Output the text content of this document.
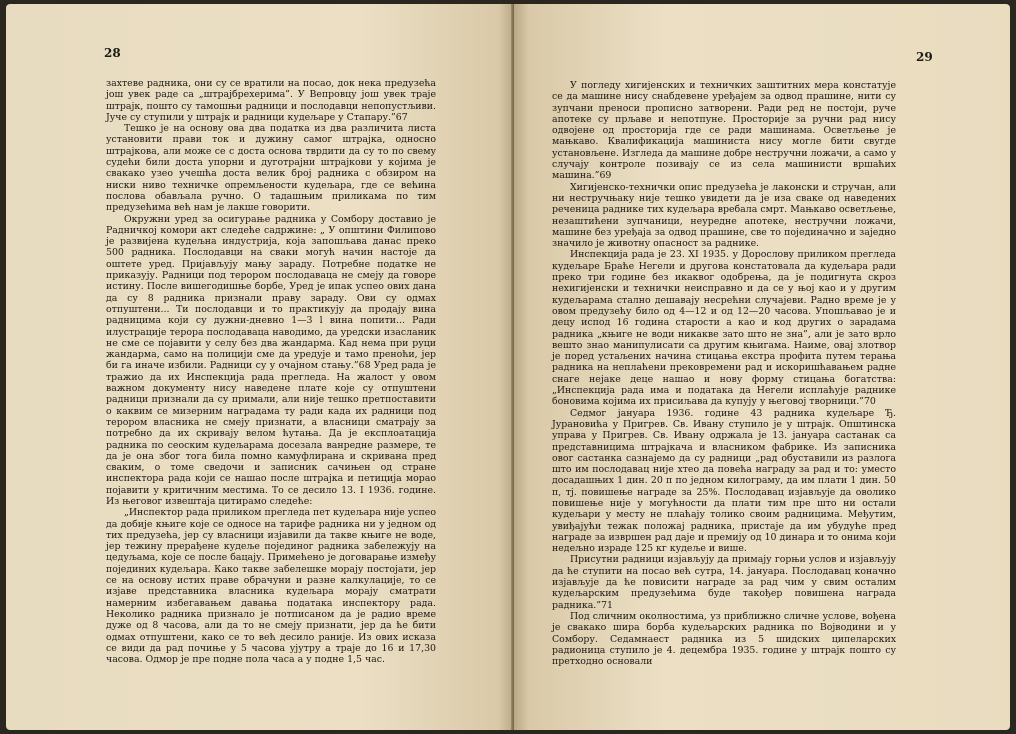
28

захтеве радника, они су се вратили на посао, док нека предузећа још увек раде са „штрајбрехерима”. У Вепровцу још увек траје штрајк, пошто су тамошњи радници и послодавци непопустљиви. Јуче су ступили у штрајк и радници кудељаре у Стапару.”67

Тешко је на основу ова два податка из два различита листа установити прави ток и дужину самог штрајка, односно штрајкова, али може се с доста основа тврдити да су то по свему судећи били доста упорни и дуготрајни штрајкови у којима је свакако узео учешћа доста велик број радника с обзиром на ниски ниво техничке опремљености кудељара, где се већина послова обављала ручно. О тадашњим приликама по тим предузећима већ нам је лакше говорити.

Окружни уред за осигурање радника у Сомбору доставио је Радничкој комори акт следеће садржине: „ У општини Филипово је развијена кудељна индустрија, која запошљава данас преко 500 радника. Послодавци на сваки могућ начин настоје да оштете уред. Пријављују мању зараду. Потребне податке не приказују. Радници под терором послодаваца не смеју да говоре истину. После вишегодишње борбе, Уред је ипак успео ових дана да су 8 радника признали праву зараду. Ови су одмах отпуштени... Ти послодавци и то практикују да продају вина радницима који су дужни-дневно 1—3 l вина попити... Ради илустрације терора послодаваца наводимо, да уредски изасланик не сме се појавити у селу без два жандарма. Кад нема при руци жандарма, само на полицији сме да уредује и тамо пренoћи, јер би га иначе избили. Радници су у очајном стању.”68 Уред рада је тражио да их Инспекција рада прегледа. На жалост у овом важном документу нису наведене плате које су отпуштени радници признали да су примали, али није тешко претпоставити о каквим се мизерним наградама ту ради када их радници под терором власника не смеју признати, а власници сматрају за потребно да их скривају велом ћутања. Да је експлоатација радника по сеоским кудељарама досезала ванредне размере, те да је она због тога била помно камуфлирана и скривана пред сваким, о томе сведочи и записник сачињен од стране инспектора рада који се нашао после штрајка и петиција морао појавити у критичним местима. То се десило 13. I 1936. године. Из његовог извештаја цитирамо следеће:

„Инспектор рада приликом прегледа пет кудељара није успео да добије књиге које се односе на тарифе радника ни у једном од тих предузећа, јер су власници изјавили да такве књиге не воде, јер тежину прерађене кудеље појединог радника забележују на цедуљама, које се после бацају. Примећено је договарање између појединих кудељара. Како такве забелешке морају постојати, јер се на основу истих праве обрачуни и разне калкулације, то се изјаве представника власника кудељара морају сматрати намерним избегавањем давања података инспектору рада. Неколико радника признало је потписаном да је радио време дуже од 8 часова, али да то не смеју признати, јер да ће бити одмах отпуштени, како се то већ десило раније. Из ових исказа се види да рад почиње у 5 часова ујутру а траје до 16 и 17,30 часова. Одмор је пре подне пола часа а у подне 1,5 час.

29

У погледу хигијенских и техничких заштитних мера констатује се да машине нису снабдевене уређајем за одвод прашине, нити су зупчани преноси прописно затворени. Ради ред не постоји, руче апотеке су прљаве и непотпуне. Просторије за ручни рад нису одвојене од просторија где се ради машинама. Осветљење је мањкаво. Квалификација машиниста нису могле бити свугде установљене. Изгледа да машине добре нестручни ложачи, а само у случају контроле позивају се из села машинисти вршаћих машина.”69

Хигијенско-технички опис предузећа је лаконски и стручан, али ни нестручњаку није тешко увидети да је иза сваке од наведених реченица раднике тих кудељара вребала смрт. Мањкаво осветљење, незаштићени зупчаници, неуредне апотеке, нестручни ложачи, машине без уређаја за одвод прашине, све то појединачно и заједно значило је животну опасност за раднике.

Инспекција рада је 23. XI 1935. у Дорослову приликом прегледа кудељаре Браће Негели и другова констатовала да кудељара ради преко три године без икаквог одобрења, да је подигнута скроз нехигијенски и технички неисправно и да се у њој као и у другим кудељарама стално дешавају несрећни случајеви. Радно време је у овом предузећу било од 4—12 и од 12—20 часова. Упошљавао је и децу испод 16 година старости а као и код других о зарадама радника „књиге не води никакве зато што не зна”, али је зато врло вешто знао манипулисати са другим књигама. Наиме, овај злотвор је поред устаљених начина стицања екстра профита путем терања радника на неплаћени прековремени рад и искоришћавањем радне снаге нејаке деце нашао и нову форму стицања богатства: „Инспекција рада има и података да Негели исплаћује раднике боновима којима их присиљава да купују у његовој творници.”70

Седмог јануара 1936. године 43 радника кудељаре Ђ. Јурановића у Пригрев. Св. Ивану ступило је у штрајк. Општинска управа у Пригрев. Св. Ивану одржала је 13. јануара састанак са представницима штрајкача и власником фабрике. Из записника овог састанка сазнајемо да су радници „рад обуставили из разлога што им послодавац није хтео да повећа награду за рад и то: уместо досадашњих 1 дин. 20 п по једном килограму, да им плати 1 дин. 50 п, тј. повишење награде за 25%. Послодавац изјављује да оволико повишење није у могућности да плати тим пре што ни остали кудељари у месту не плаћају толико своим радницима. Међутим, увиђајући тежак положај радника, пристаје да им убудуће пред награде за извршен рад даје и премију од 10 динара и то онима који недељно израде 125 кг кудеље и више.

Присутни радници изјављују да примају горњи услов и изјављују да ће ступити на посао већ сутра, 14. јануара. Послодавац коначно изјављује да ће повисити награде за рад чим у свим осталим кудељарским предузећима буде такођер повишена награда радника.”71

Под сличним околностима, уз приближно сличне услове, вођена је свакако шира борба кудељарских радника по Војводини и у Сомбору. Седамнаест радника из 5 шидских ципеларских радионица ступило је 4. децембра 1935. године у штрајк пошто су претходно основали
